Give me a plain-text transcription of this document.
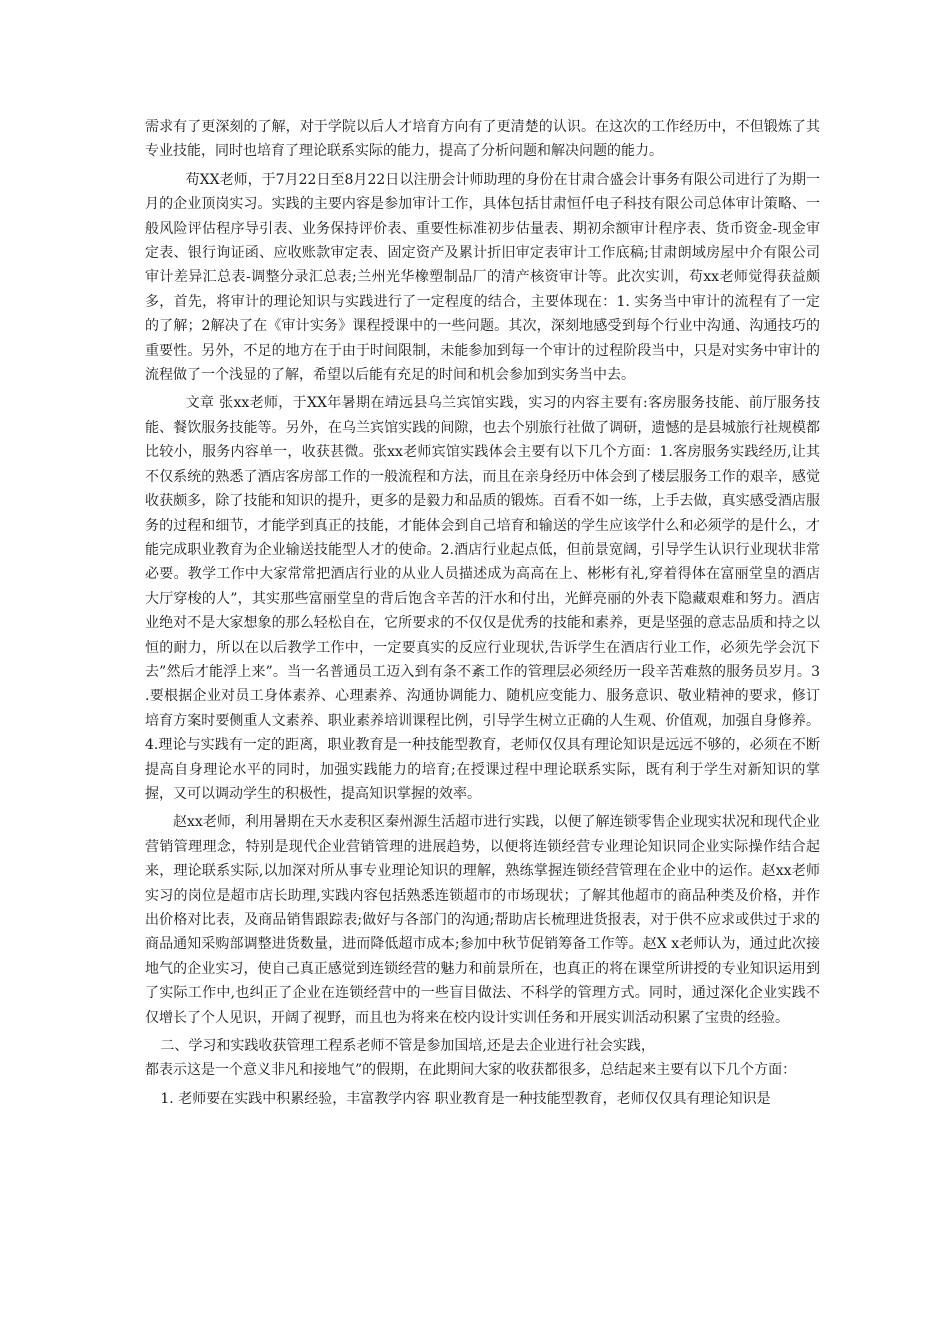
需求有了更深刻的了解，对于学院以后人才培育方向有了更清楚的认识。在这次的工作经历中，不但锻炼了其专业技能，同时也培育了理论联系实际的能力，提高了分析问题和解决问题的能力。

苟XX老师，于7月22日至8月22日以注册会计师助理的身份在甘肃合盛会计事务有限公司进行了为期一月的企业顶岗实习。实践的主要内容是参加审计工作，具体包括甘肃恒仟电子科技有限公司总体审计策略、一般风险评估程序导引表、业务保持评价表、重要性标准初步估量表、期初余额审计程序表、货币资金-现金审定表、银行询证函、应收账款审定表、固定资产及累计折旧审定表审计工作底稿;甘肃朗域房屋中介有限公司审计差异汇总表-调整分录汇总表;兰州光华橡塑制品厂的清产核资审计等。此次实训，苟xx老师觉得获益颇多，首先，将审计的理论知识与实践进行了一定程度的结合，主要体现在：1. 实务当中审计的流程有了一定的了解；2解决了在《审计实务》课程授课中的一些问题。其次，深刻地感受到每个行业中沟通、沟通技巧的重要性。另外，不足的地方在于由于时间限制，未能参加到每一个审计的过程阶段当中，只是对实务中审计的流程做了一个浅显的了解，希望以后能有充足的时间和机会参加到实务当中去。

文章 张xx老师，于XX年暑期在靖远县乌兰宾馆实践，实习的内容主要有:客房服务技能、前厅服务技能、餐饮服务技能等。另外，在乌兰宾馆实践的间隙，也去个别旅行社做了调研，遗憾的是县城旅行社规模都比较小，服务内容单一，收获甚微。张xx老师宾馆实践体会主要有以下几个方面：1.客房服务实践经历,让其不仅系统的熟悉了酒店客房部工作的一般流程和方法，而且在亲身经历中体会到了楼层服务工作的艰辛，感觉收获颇多，除了技能和知识的提升，更多的是毅力和品质的锻炼。百看不如一练，上手去做，真实感受酒店服务的过程和细节，才能学到真正的技能，才能体会到自己培育和输送的学生应该学什么和必须学的是什么，才能完成职业教育为企业输送技能型人才的使命。2.酒店行业起点低，但前景宽阔，引导学生认识行业现状非常必要。教学工作中大家常常把酒店行业的从业人员描述成为高高在上、彬彬有礼,穿着得体在富丽堂皇的酒店大厅穿梭的人”，其实那些富丽堂皇的背后饱含辛苦的汗水和付出，光鲜亮丽的外表下隐藏艰难和努力。酒店业绝对不是大家想象的那么轻松自在，它所要求的不仅仅是优秀的技能和素养，更是坚强的意志品质和持之以恒的耐力，所以在以后教学工作中，一定要真实的反应行业现状,告诉学生在酒店行业工作，必须先学会沉下去”然后才能浮上来”。当一名普通员工迈入到有条不紊工作的管理层必须经历一段辛苦难熬的服务员岁月。3 .要根据企业对员工身体素养、心理素养、沟通协调能力、随机应变能力、服务意识、敬业精神的要求，修订培育方案时要侧重人文素养、职业素养培训课程比例，引导学生树立正确的人生观、价值观，加强自身修养。4.理论与实践有一定的距离，职业教育是一种技能型教育，老师仅仅具有理论知识是远远不够的，必须在不断提高自身理论水平的同时，加强实践能力的培育;在授课过程中理论联系实际，既有利于学生对新知识的掌握，又可以调动学生的积极性，提高知识掌握的效率。

赵xx老师，利用暑期在天水麦积区秦州源生活超市进行实践，以便了解连锁零售企业现实状况和现代企业营销管理理念，特别是现代企业营销管理的进展趋势，以便将连锁经营专业理论知识同企业实际操作结合起来，理论联系实际,以加深对所从事专业理论知识的理解，熟练掌握连锁经营管理在企业中的运作。赵xx老师实习的岗位是超市店长助理,实践内容包括熟悉连锁超市的市场现状；了解其他超市的商品种类及价格，并作出价格对比表，及商品销售跟踪表;做好与各部门的沟通;帮助店长梳理进货报表，对于供不应求或供过于求的商品通知采购部调整进货数量，进而降低超市成本;参加中秋节促销筹备工作等。赵X x老师认为，通过此次接地气的企业实习，使自己真正感觉到连锁经营的魅力和前景所在，也真正的将在课堂所讲授的专业知识运用到了实际工作中,也纠正了企业在连锁经营中的一些盲目做法、不科学的管理方式。同时，通过深化企业实践不仅增长了个人见识，开阔了视野，而且也为将来在校内设计实训任务和开展实训活动积累了宝贵的经验。

二、学习和实践收获管理工程系老师不管是参加国培,还是去企业进行社会实践，

都表示这是一个意义非凡和接地气”的假期，在此期间大家的收获都很多，总结起来主要有以下几个方面：

1. 老师要在实践中积累经验，丰富教学内容 职业教育是一种技能型教育，老师仅仅具有理论知识是
